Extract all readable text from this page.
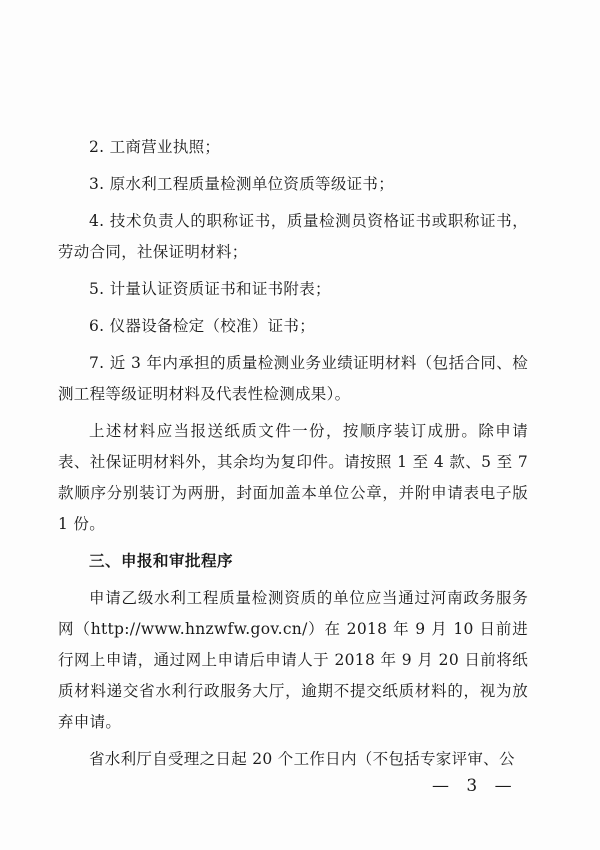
2. 工商营业执照；

3. 原水利工程质量检测单位资质等级证书；

4. 技术负责人的职称证书，质量检测员资格证书或职称证书，劳动合同，社保证明材料；

5. 计量认证资质证书和证书附表；

6. 仪器设备检定（校准）证书；

7. 近 3 年内承担的质量检测业务业绩证明材料（包括合同、检测工程等级证明材料及代表性检测成果）。

上述材料应当报送纸质文件一份，按顺序装订成册。除申请表、社保证明材料外，其余均为复印件。请按照 1 至 4 款、5 至 7 款顺序分别装订为两册，封面加盖本单位公章，并附申请表电子版 1 份。

三、申报和审批程序

申请乙级水利工程质量检测资质的单位应当通过河南政务服务网（http://www.hnzwfw.gov.cn/）在 2018 年 9 月 10 日前进行网上申请，通过网上申请后申请人于 2018 年 9 月 20 日前将纸质材料递交省水利行政服务大厅，逾期不提交纸质材料的，视为放弃申请。

省水利厅自受理之日起 20 个工作日内（不包括专家评审、公

— 3 —
